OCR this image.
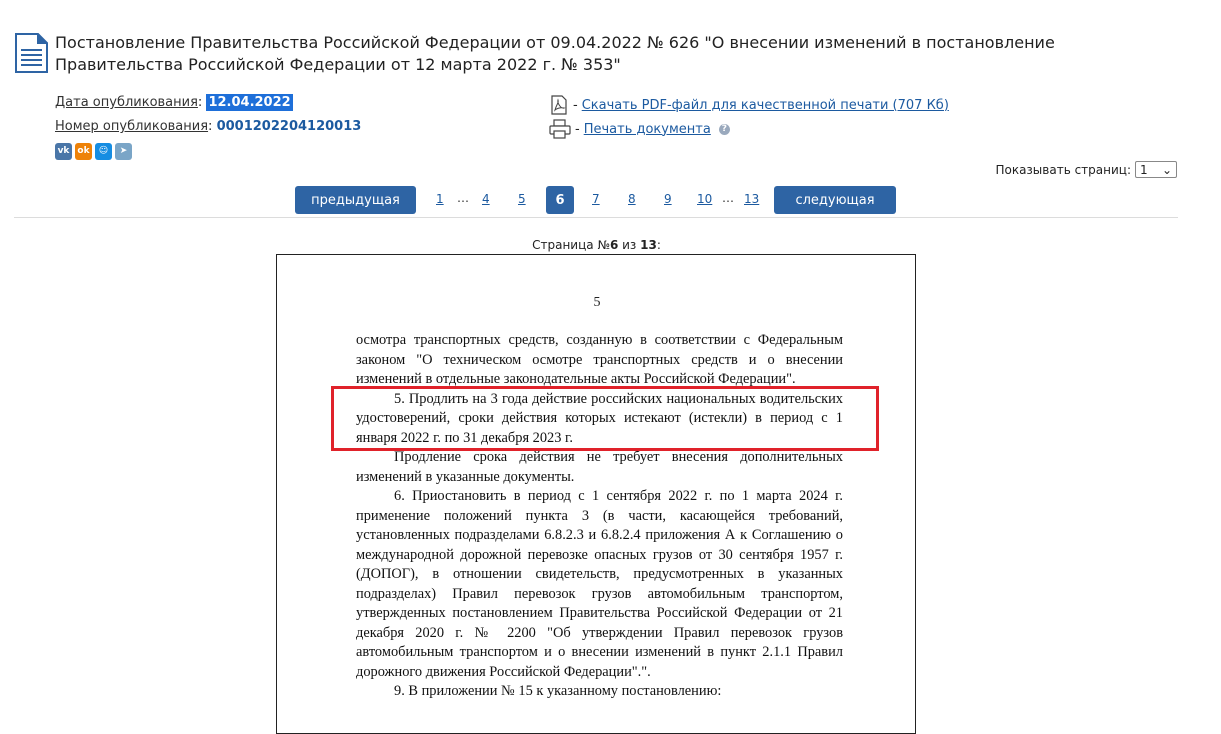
Постановление Правительства Российской Федерации от 09.04.2022 № 626 "О внесении изменений в постановление Правительства Российской Федерации от 12 марта 2022 г. № 353"
Дата опубликования: 12.04.2022
Номер опубликования: 0001202204120013
vk ok	☺	➤
- Скачать PDF-файл для качественной печати (707 Кб)
- Печать документа	?
Показывать страниц: 1 ⌄
предыдущая	1 … 4 5	6	7 8 9 10 … 13	следующая
Страница №6 из 13:
5

осмотра транспортных средств, созданную в соответствии с Федеральным законом "О техническом осмотре транспортных средств и о внесении изменений в отдельные законодательные акты Российской Федерации".

5. Продлить на 3 года действие российских национальных водительских удостоверений, сроки действия которых истекают (истекли) в период с 1 января 2022 г. по 31 декабря 2023 г.

Продление срока действия не требует внесения дополнительных изменений в указанные документы.

6. Приостановить в период с 1 сентября 2022 г. по 1 марта 2024 г. применение положений пункта 3 (в части, касающейся требований, установленных подразделами 6.8.2.3 и 6.8.2.4 приложения А к Соглашению о международной дорожной перевозке опасных грузов от 30 сентября 1957 г. (ДОПОГ), в отношении свидетельств, предусмотренных в указанных подразделах) Правил перевозок грузов автомобильным транспортом, утвержденных постановлением Правительства Российской Федерации от 21 декабря 2020 г. № 2200 "Об утверждении Правил перевозок грузов автомобильным транспортом и о внесении изменений в пункт 2.1.1 Правил дорожного движения Российской Федерации".".

9. В приложении № 15 к указанному постановлению:
